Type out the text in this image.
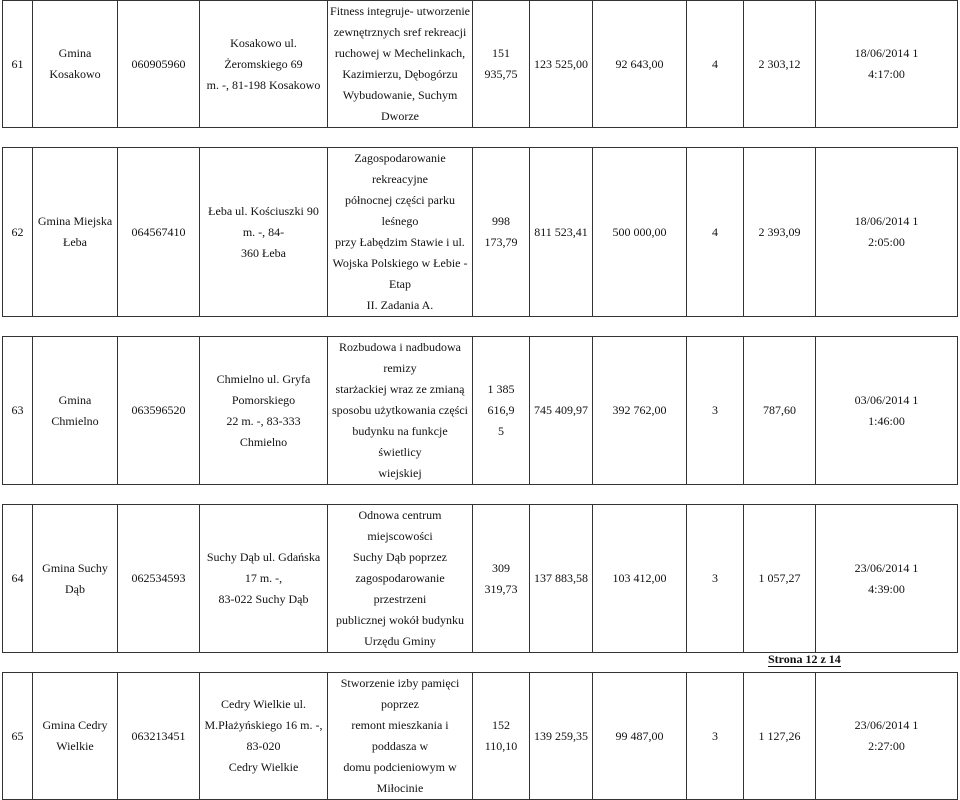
61	Gmina
Kosakowo	060905960	Kosakowo ul. Żeromskiego 69
m. -, 81-198 Kosakowo	Fitness integruje- utworzenie
zewnętrznych sref rekreacji
ruchowej w Mechelinkach,
Kazimierzu, Dębogórzu
Wybudowanie, Suchym Dworze	151 935,75	123 525,00	92 643,00	4	2 303,12	18/06/2014 1
4:17:00

62	Gmina Miejska
Łeba	064567410	Łeba ul. Kościuszki 90 m. -, 84-
360 Łeba	Zagospodarowanie rekreacyjne
północnej części parku leśnego
przy Łabędzim Stawie i ul.
Wojska Polskiego w Łebie - Etap
II. Zadania A.	998 173,79	811 523,41	500 000,00	4	2 393,09	18/06/2014 1
2:05:00

63	Gmina
Chmielno	063596520	Chmielno ul. Gryfa Pomorskiego
22 m. -, 83-333 Chmielno	Rozbudowa i nadbudowa remizy
starżackiej wraz ze zmianą
sposobu użytkowania części
budynku na funkcje świetlicy
wiejskiej	1 385 616,9
5	745 409,97	392 762,00	3	787,60	03/06/2014 1
1:46:00

64	Gmina Suchy
Dąb	062534593	Suchy Dąb ul. Gdańska 17 m. -,
83-022 Suchy Dąb	Odnowa centrum miejscowości
Suchy Dąb poprzez
zagospodarowanie przestrzeni
publicznej wokół budynku
Urzędu Gminy	309 319,73	137 883,58	103 412,00	3	1 057,27	23/06/2014 1
4:39:00

65	Gmina Cedry
Wielkie	063213451	Cedry Wielkie ul.
M.Płażyńskiego 16 m. -, 83-020
Cedry Wielkie	Stworzenie izby pamięci poprzez
remont mieszkania i poddasza w
domu podcieniowym w
Miłocinie	152 110,10	139 259,35	99 487,00	3	1 127,26	23/06/2014 1
2:27:00
Strona 12 z 14
